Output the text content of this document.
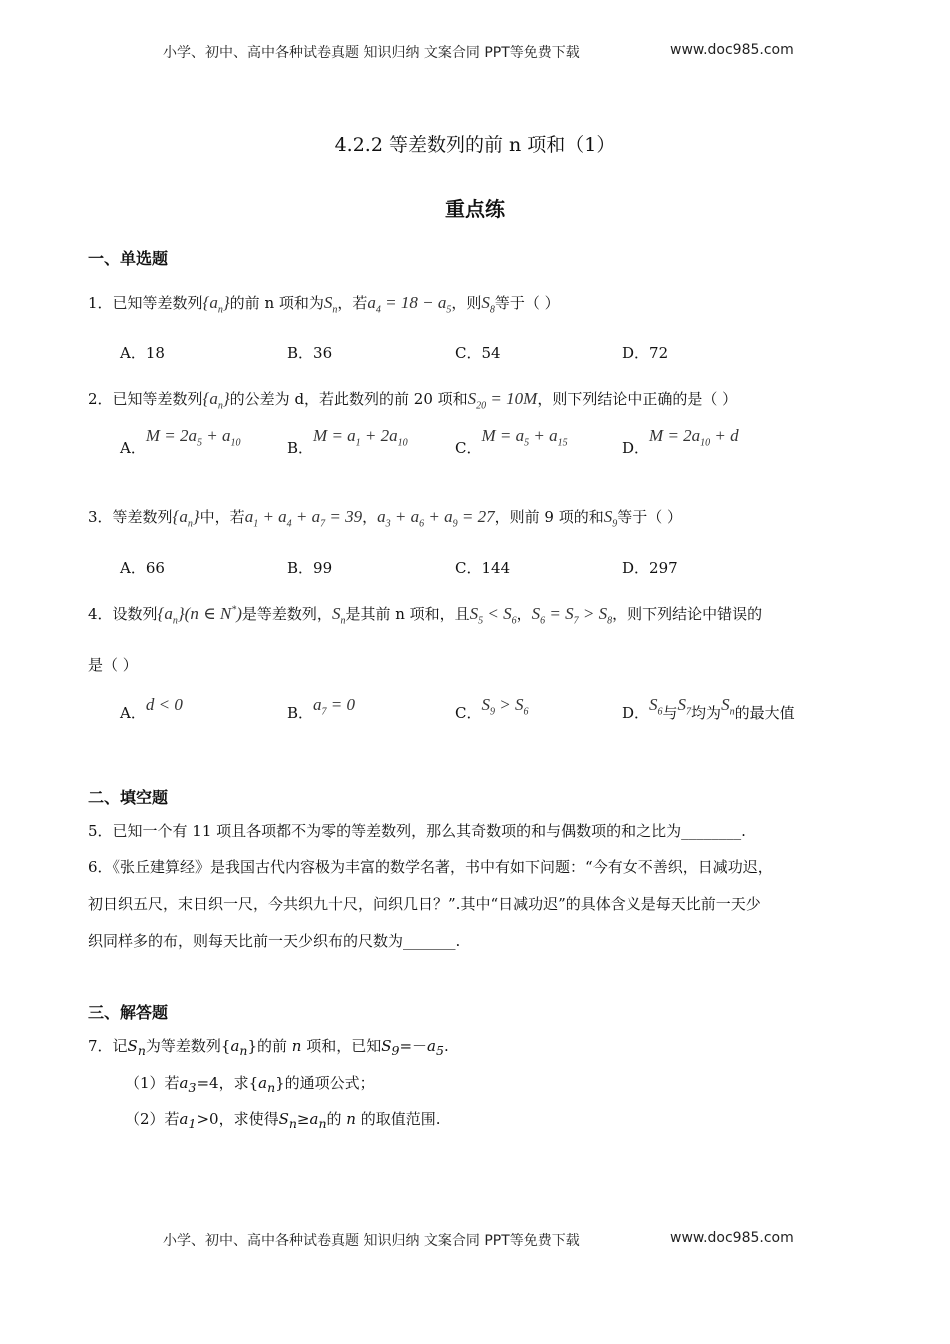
小学、初中、高中各种试卷真题 知识归纳 文案合同 PPT等免费下载	www.doc985.com
4.2.2 等差数列的前 n 项和（1）
重点练
一、单选题
1．已知等差数列$\{a_n\}$的前 n 项和为$S_n$，若$a_4 = 18 - a_5$，则$S_8$等于（ ）
A．18	B．36	C．54	D．72
2．已知等差数列$\{a_n\}$的公差为 d，若此数列的前 20 项和$S_{20} = 10M$，则下列结论中正确的是（ ）
A．$M = 2a_5 + a_{10}$	B．$M = a_1 + 2a_{10}$	C．$M = a_5 + a_{15}$	D．$M = 2a_{10} + d$
3．等差数列$\{a_n\}$中，若$a_1 + a_4 + a_7 = 39$，$a_3 + a_6 + a_9 = 27$，则前 9 项的和$S_9$等于（ ）
A．66	B．99	C．144	D．297
4．设数列$\{a_n\}(n$ ∈ N*)是等差数列，$S_n$是其前 n 项和，且$S_5 < S_6$，$S_6 = S_7 > S_8$，则下列结论中错误的
是（ ）
A．d < 0	B．$a_7 = 0$	C．$S_9 > S_6$	D．$S_6$与$S_7$均为$S_n$的最大值
二、填空题
5．已知一个有 11 项且各项都不为零的等差数列，那么其奇数项的和与偶数项的和之比为________.
6．《张丘建算经》是我国古代内容极为丰富的数学名著，书中有如下问题：“今有女不善织，日减功迟，
初日织五尺，末日织一尺，今共织九十尺，问织几日？”.其中“日减功迟”的具体含义是每天比前一天少
织同样多的布，则每天比前一天少织布的尺数为_______.
三、解答题
7．记$S_n$为等差数列$\{a_n\}$的前 n 项和，已知$S_9=-a_5$.
（1）若$a_3=4$，求$\{a_n\}$的通项公式；
（2）若$a_1>0$，求使得$S_n\ge a_n$的 n 的取值范围.
小学、初中、高中各种试卷真题 知识归纳 文案合同 PPT等免费下载	www.doc985.com
